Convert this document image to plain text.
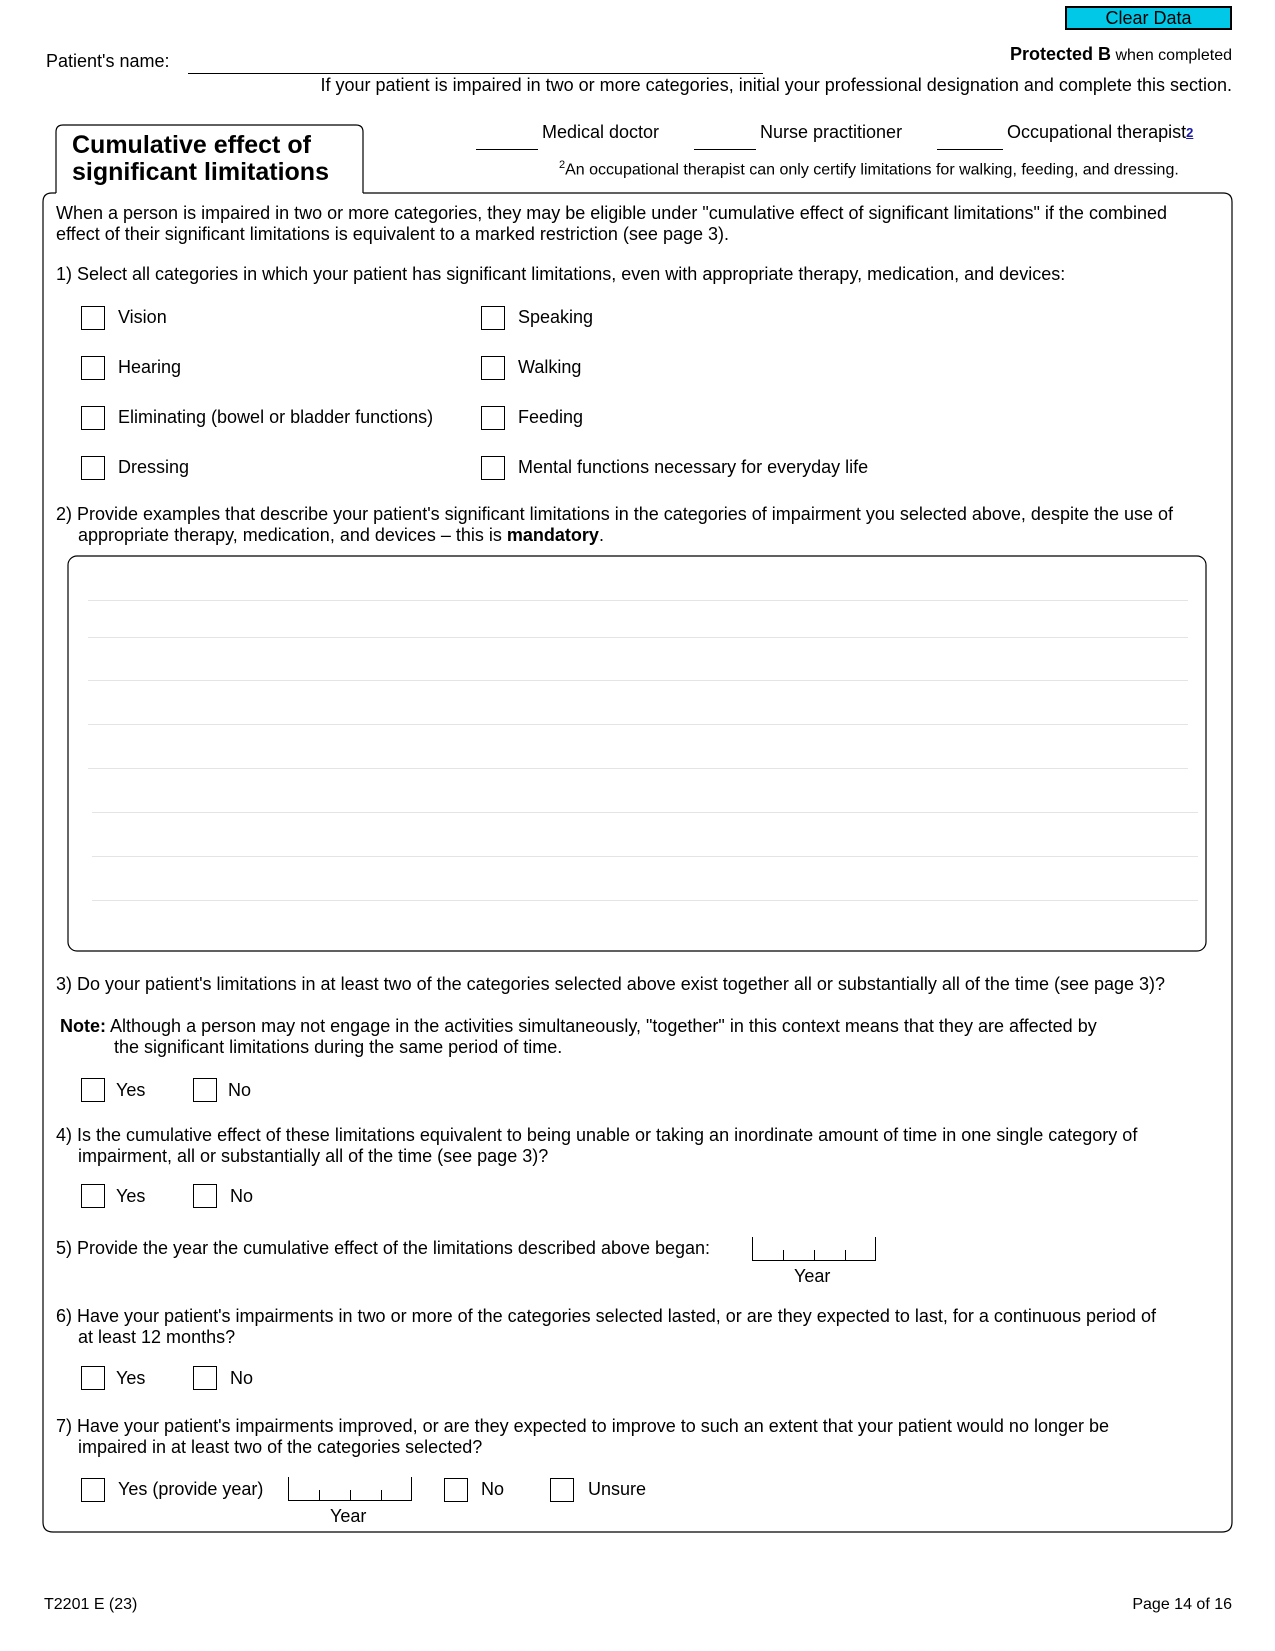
Clear Data
Patient's name:	Protected B when completed
If your patient is impaired in two or more categories, initial your professional designation and complete this section.
Cumulative effect of
significant limitations
Medical doctor	Nurse practitioner	Occupational therapist$^2$
$^2$An occupational therapist can only certify limitations for walking, feeding, and dressing.
When a person is impaired in two or more categories, they may be eligible under "cumulative effect of significant limitations" if the combined
effect of their significant limitations is equivalent to a marked restriction (see page 3).
1) Select all categories in which your patient has significant limitations, even with appropriate therapy, medication, and devices:
Vision
Hearing
Eliminating (bowel or bladder functions)
Dressing
Speaking
Walking
Feeding
Mental functions necessary for everyday life
2) Provide examples that describe your patient's significant limitations in the categories of impairment you selected above, despite the use of
appropriate therapy, medication, and devices – this is mandatory.
3) Do your patient's limitations in at least two of the categories selected above exist together all or substantially all of the time (see page 3)?
Note: Although a person may not engage in the activities simultaneously, "together" in this context means that they are affected by
the significant limitations during the same period of time.
Yes	No
4) Is the cumulative effect of these limitations equivalent to being unable or taking an inordinate amount of time in one single category of
impairment, all or substantially all of the time (see page 3)?
Yes	No
5) Provide the year the cumulative effect of the limitations described above began:
Year
6) Have your patient's impairments in two or more of the categories selected lasted, or are they expected to last, for a continuous period of
at least 12 months?
Yes	No
7) Have your patient's impairments improved, or are they expected to improve to such an extent that your patient would no longer be
impaired in at least two of the categories selected?
Yes (provide year)
Year
No	Unsure
T2201 E (23)	Page 14 of 16
